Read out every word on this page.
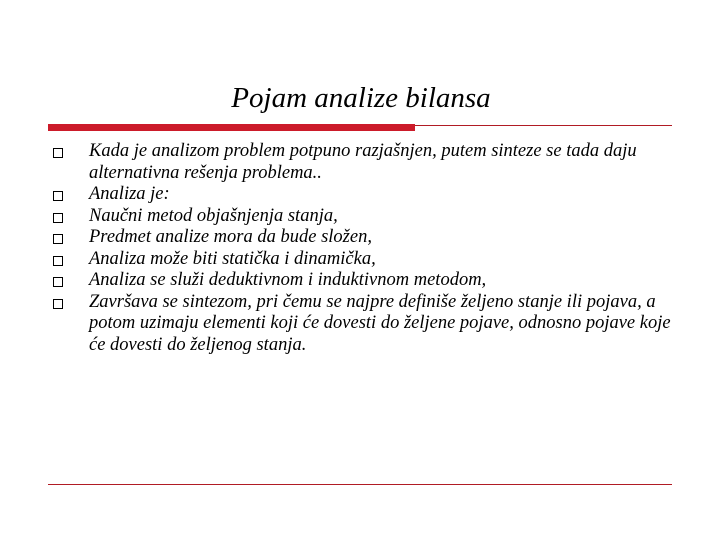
Pojam analize bilansa
Kada je analizom problem potpuno razjašnjen, putem sinteze se tada daju alternativna rešenja problema..
Analiza je:
Naučni metod objašnjenja stanja,
Predmet analize mora da bude složen,
Analiza može biti statička i dinamička,
Analiza se služi deduktivnom i induktivnom metodom,
Završava se sintezom, pri čemu se najpre definiše željeno stanje ili pojava, a potom uzimaju elementi koji će dovesti do željene pojave, odnosno pojave koje će dovesti do željenog stanja.
